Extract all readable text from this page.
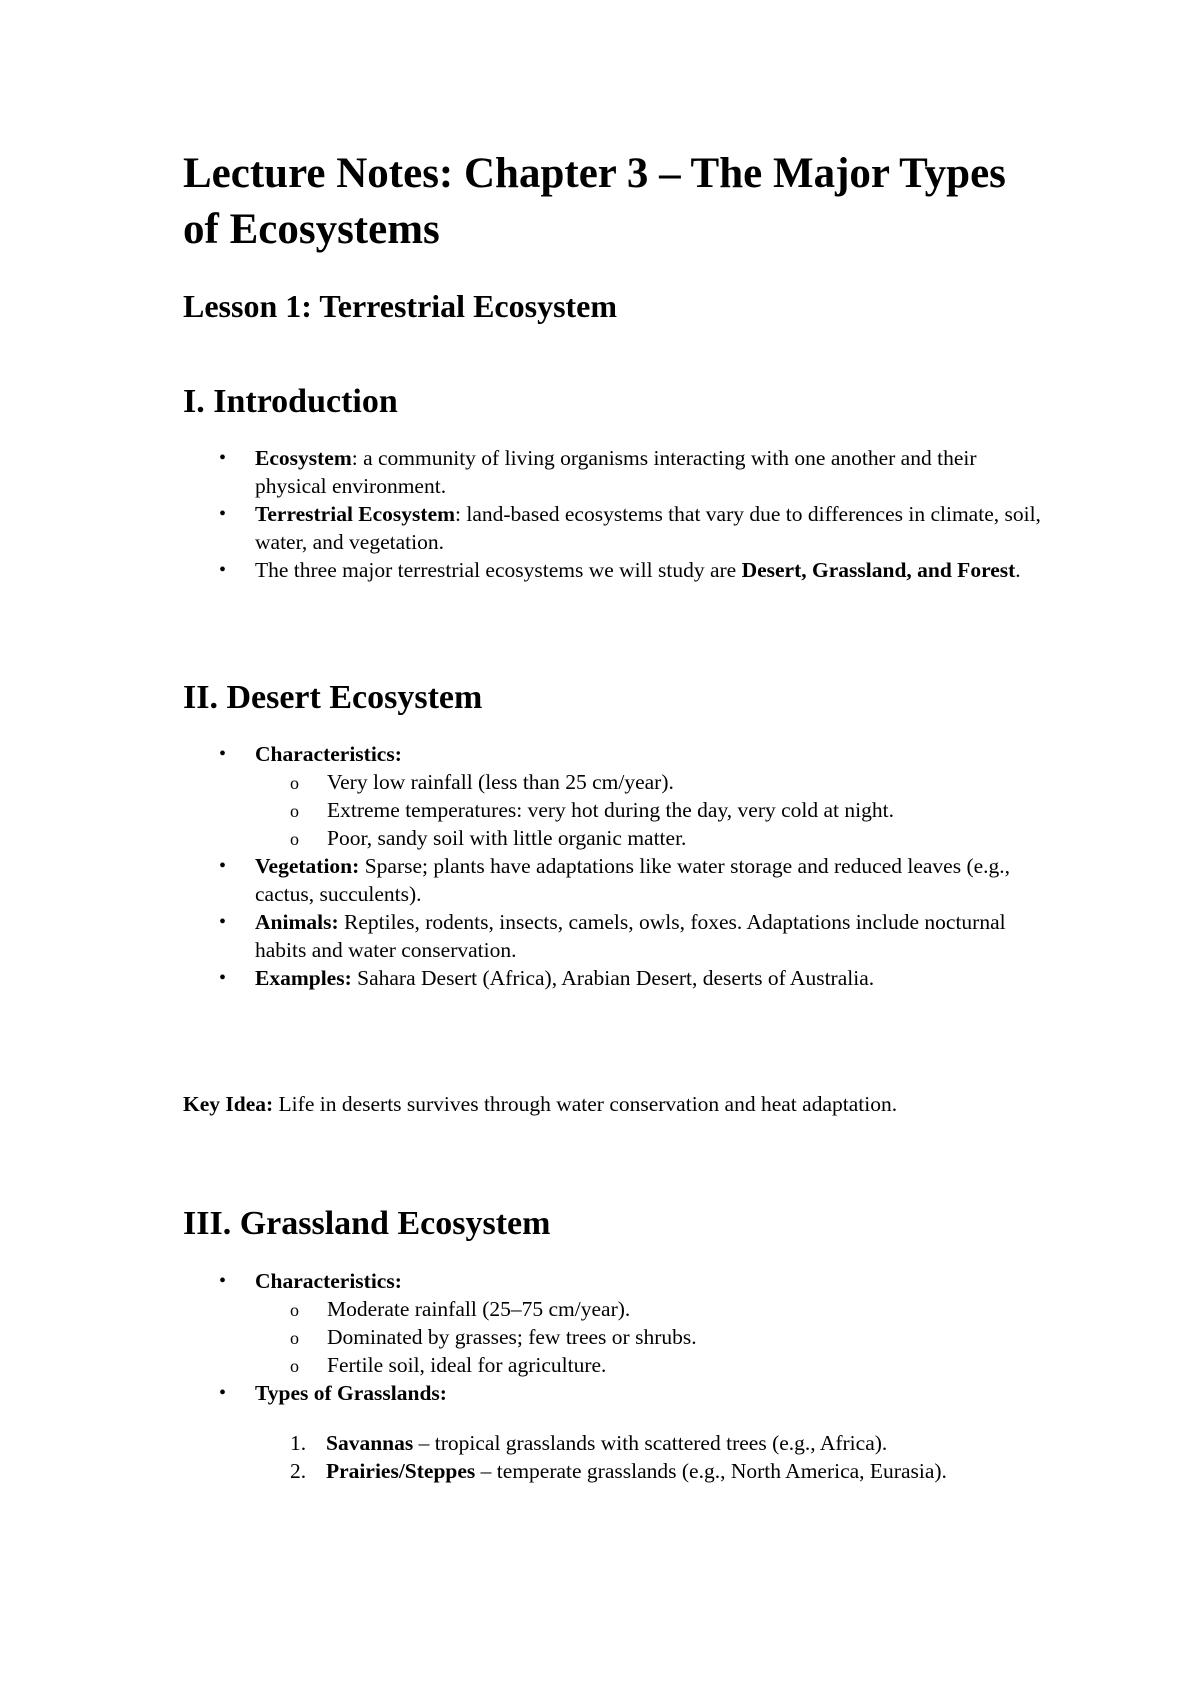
Lecture Notes: Chapter 3 – The Major Types of Ecosystems
Lesson 1: Terrestrial Ecosystem
I. Introduction
• Ecosystem: a community of living organisms interacting with one another and their physical environment.
• Terrestrial Ecosystem: land-based ecosystems that vary due to differences in climate, soil, water, and vegetation.
• The three major terrestrial ecosystems we will study are Desert, Grassland, and Forest.
II. Desert Ecosystem
• Characteristics:
o Very low rainfall (less than 25 cm/year).
o Extreme temperatures: very hot during the day, very cold at night.
o Poor, sandy soil with little organic matter.
• Vegetation: Sparse; plants have adaptations like water storage and reduced leaves (e.g., cactus, succulents).
• Animals: Reptiles, rodents, insects, camels, owls, foxes. Adaptations include nocturnal habits and water conservation.
• Examples: Sahara Desert (Africa), Arabian Desert, deserts of Australia.

Key Idea: Life in deserts survives through water conservation and heat adaptation.

III. Grassland Ecosystem
• Characteristics:
o Moderate rainfall (25–75 cm/year).
o Dominated by grasses; few trees or shrubs.
o Fertile soil, ideal for agriculture.
• Types of Grasslands:
1. Savannas – tropical grasslands with scattered trees (e.g., Africa).
2. Prairies/Steppes – temperate grasslands (e.g., North America, Eurasia).
